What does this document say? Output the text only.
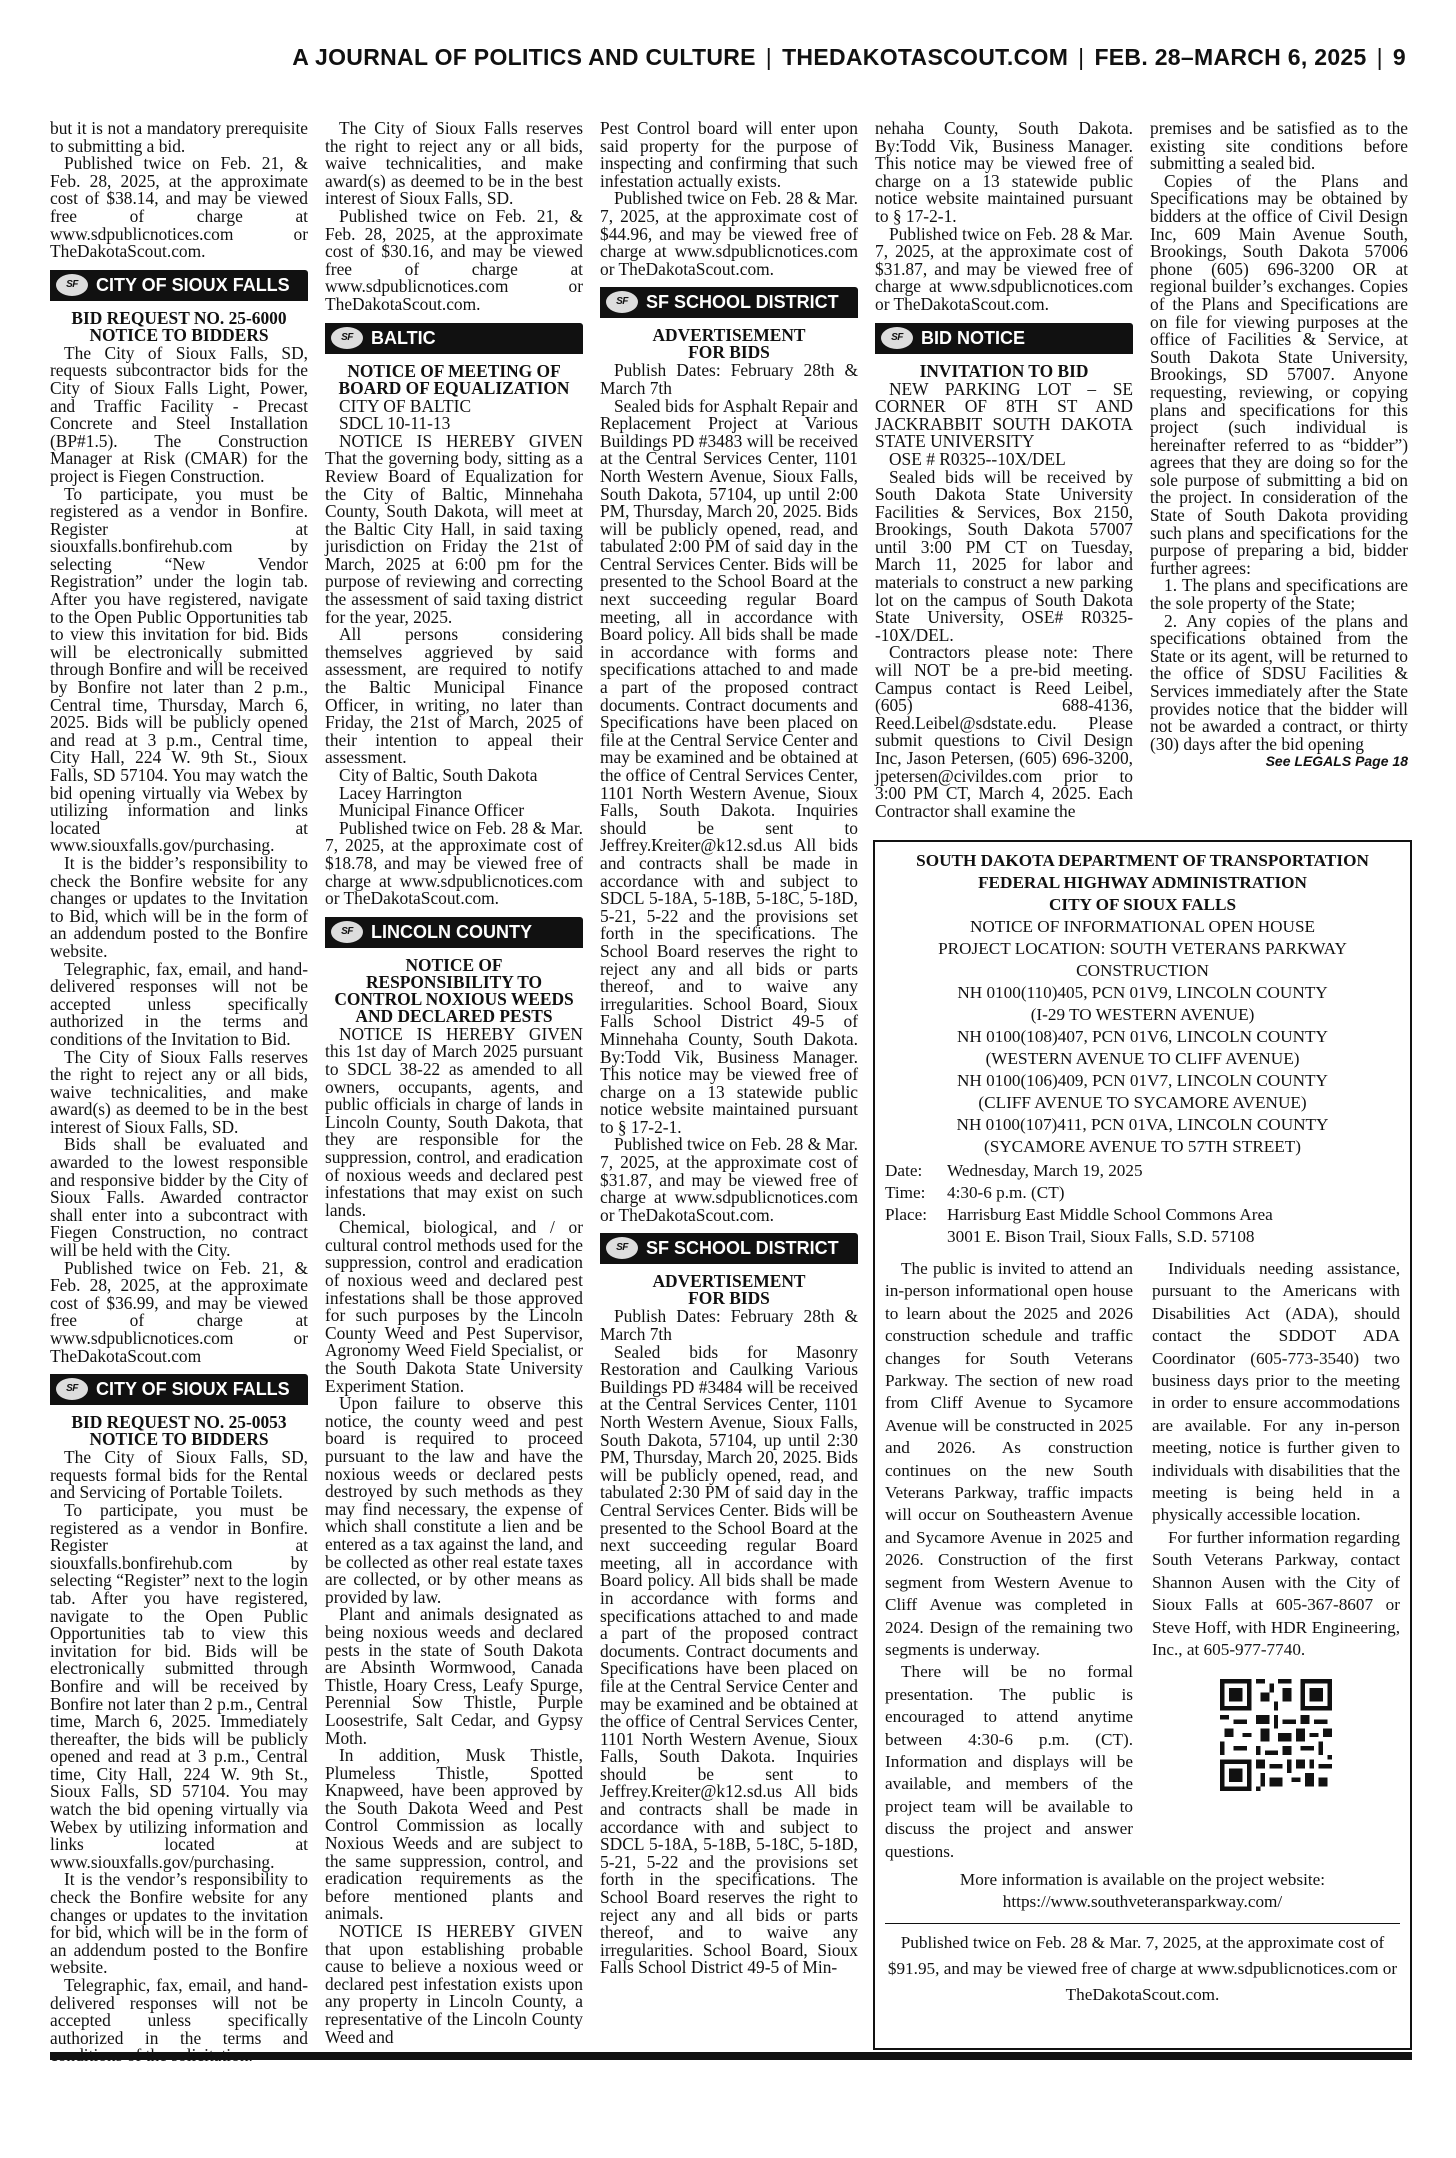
A JOURNAL OF POLITICS AND CULTURE | THEDAKOTASCOUT.COM | FEB. 28–MARCH 6, 2025 | 9

but it is not a mandatory prerequisite to submitting a bid.

Published twice on Feb. 21, & Feb. 28, 2025, at the approximate cost of $38.14, and may be viewed free of charge at www.sdpublicnotices.com or TheDakotaScout.com.

SF	CITY OF SIOUX FALLS

BID REQUEST NO. 25-6000
NOTICE TO BIDDERS

The City of Sioux Falls, SD, requests subcontractor bids for the City of Sioux Falls Light, Power, and Traffic Facility - Precast Concrete and Steel Installation (BP#1.5). The Construction Manager at Risk (CMAR) for the project is Fiegen Construction.

To participate, you must be registered as a vendor in Bonfire. Register at siouxfalls.bonfirehub.com by selecting “New Vendor Registration” under the login tab. After you have registered, navigate to the Open Public Opportunities tab to view this invitation for bid. Bids will be electronically submitted through Bonfire and will be received by Bonfire not later than 2 p.m., Central time, Thursday, March 6, 2025. Bids will be publicly opened and read at 3 p.m., Central time, City Hall, 224 W. 9th St., Sioux Falls, SD 57104. You may watch the bid opening virtually via Webex by utilizing information and links located at www.siouxfalls.gov/purchasing.

It is the bidder’s responsibility to check the Bonfire website for any changes or updates to the Invitation to Bid, which will be in the form of an addendum posted to the Bonfire website.

Telegraphic, fax, email, and hand-delivered responses will not be accepted unless specifically authorized in the terms and conditions of the Invitation to Bid.

The City of Sioux Falls reserves the right to reject any or all bids, waive technicalities, and make award(s) as deemed to be in the best interest of Sioux Falls, SD.

Bids shall be evaluated and awarded to the lowest responsible and responsive bidder by the City of Sioux Falls. Awarded contractor shall enter into a subcontract with Fiegen Construction, no contract will be held with the City.

Published twice on Feb. 21, & Feb. 28, 2025, at the approximate cost of $36.99, and may be viewed free of charge at www.sdpublicnotices.com or TheDakotaScout.com

SF	CITY OF SIOUX FALLS

BID REQUEST NO. 25-0053
NOTICE TO BIDDERS

The City of Sioux Falls, SD, requests formal bids for the Rental and Servicing of Portable Toilets.

To participate, you must be registered as a vendor in Bonfire. Register at siouxfalls.bonfirehub.com by selecting “Register” next to the login tab. After you have registered, navigate to the Open Public Opportunities tab to view this invitation for bid. Bids will be electronically submitted through Bonfire and will be received by Bonfire not later than 2 p.m., Central time, March 6, 2025. Immediately thereafter, the bids will be publicly opened and read at 3 p.m., Central time, City Hall, 224 W. 9th St., Sioux Falls, SD 57104. You may watch the bid opening virtually via Webex by utilizing information and links located at www.siouxfalls.gov/purchasing.

It is the vendor’s responsibility to check the Bonfire website for any changes or updates to the invitation for bid, which will be in the form of an addendum posted to the Bonfire website.

Telegraphic, fax, email, and hand-delivered responses will not be accepted unless specifically authorized in the terms and

The City of Sioux Falls reserves the right to reject any or all bids, waive technicalities, and make award(s) as deemed to be in the best interest of Sioux Falls, SD.

Published twice on Feb. 21, & Feb. 28, 2025, at the approximate cost of $30.16, and may be viewed free of charge at www.sdpublicnotices.com or TheDakotaScout.com.

SF	BALTIC

NOTICE OF MEETING OF
BOARD OF EQUALIZATION

CITY OF BALTIC

SDCL 10-11-13

NOTICE IS HEREBY GIVEN That the governing body, sitting as a Review Board of Equalization for the City of Baltic, Minnehaha County, South Dakota, will meet at the Baltic City Hall, in said taxing jurisdiction on Friday the 21st of March, 2025 at 6:00 pm for the purpose of reviewing and correcting the assessment of said taxing district for the year, 2025.

All persons considering themselves aggrieved by said assessment, are required to notify the Baltic Municipal Finance Officer, in writing, no later than Friday, the 21st of March, 2025 of their intention to appeal their assessment.

City of Baltic, South Dakota

Lacey Harrington

Municipal Finance Officer

Published twice on Feb. 28 & Mar. 7, 2025, at the approximate cost of $18.78, and may be viewed free of charge at www.sdpublicnotices.com or TheDakotaScout.com.

SF	LINCOLN COUNTY

NOTICE OF
RESPONSIBILITY TO
CONTROL NOXIOUS WEEDS
AND DECLARED PESTS

NOTICE IS HEREBY GIVEN this 1st day of March 2025 pursuant to SDCL 38-22 as amended to all owners, occupants, agents, and public officials in charge of lands in Lincoln County, South Dakota, that they are responsible for the suppression, control, and eradication of noxious weeds and declared pest infestations that may exist on such lands.

Chemical, biological, and / or cultural control methods used for the suppression, control and eradication of noxious weed and declared pest infestations shall be those approved for such purposes by the Lincoln County Weed and Pest Supervisor, Agronomy Weed Field Specialist, or the South Dakota State University Experiment Station.

Upon failure to observe this notice, the county weed and pest board is required to proceed pursuant to the law and have the noxious weeds or declared pests destroyed by such methods as they may find necessary, the expense of which shall constitute a lien and be entered as a tax against the land, and be collected as other real estate taxes are collected, or by other means as provided by law.

Plant and animals designated as being noxious weeds and declared pests in the state of South Dakota are Absinth Wormwood, Canada Thistle, Hoary Cress, Leafy Spurge, Perennial Sow Thistle, Purple Loosestrife, Salt Cedar, and Gypsy Moth.

In addition, Musk Thistle, Plumeless Thistle, Spotted Knapweed, have been approved by the South Dakota Weed and Pest Control Commission as locally Noxious Weeds and are subject to the same suppression, control, and eradication requirements as the before mentioned plants and animals.

NOTICE IS HEREBY GIVEN that upon establishing probable cause to believe a noxious weed or declared pest infestation exists upon any property in Lincoln County, a representative of the Lincoln County Weed and

Pest Control board will enter upon said property for the purpose of inspecting and confirming that such infestation actually exists.

Published twice on Feb. 28 & Mar. 7, 2025, at the approximate cost of $44.96, and may be viewed free of charge at www.sdpublicnotices.com or TheDakotaScout.com.

SF	SF SCHOOL DISTRICT

ADVERTISEMENT
FOR BIDS

Publish Dates: February 28th & March 7th

Sealed bids for Asphalt Repair and Replacement Project at Various Buildings PD #3483 will be received at the Central Services Center, 1101 North Western Avenue, Sioux Falls, South Dakota, 57104, up until 2:00 PM, Thursday, March 20, 2025. Bids will be publicly opened, read, and tabulated 2:00 PM of said day in the Central Services Center. Bids will be presented to the School Board at the next succeeding regular Board meeting, all in accordance with Board policy. All bids shall be made in accordance with forms and specifications attached to and made a part of the proposed contract documents. Contract documents and Specifications have been placed on file at the Central Service Center and may be examined and be obtained at the office of Central Services Center, 1101 North Western Avenue, Sioux Falls, South Dakota. Inquiries should be sent to Jeffrey.Kreiter@k12.sd.us All bids and contracts shall be made in accordance with and subject to SDCL 5-18A, 5-18B, 5-18C, 5-18D, 5-21, 5-22 and the provisions set forth in the specifications. The School Board reserves the right to reject any and all bids or parts thereof, and to waive any irregularities. School Board, Sioux Falls School District 49-5 of Minnehaha County, South Dakota. By:Todd Vik, Business Manager. This notice may be viewed free of charge on a 13 statewide public notice website maintained pursuant to § 17-2-1.

Published twice on Feb. 28 & Mar. 7, 2025, at the approximate cost of $31.87, and may be viewed free of charge at www.sdpublicnotices.com or TheDakotaScout.com.

SF	SF SCHOOL DISTRICT

ADVERTISEMENT
FOR BIDS

Publish Dates: February 28th & March 7th

Sealed bids for Masonry Restoration and Caulking Various Buildings PD #3484 will be received at the Central Services Center, 1101 North Western Avenue, Sioux Falls, South Dakota, 57104, up until 2:30 PM, Thursday, March 20, 2025. Bids will be publicly opened, read, and tabulated 2:30 PM of said day in the Central Services Center. Bids will be presented to the School Board at the next succeeding regular Board meeting, all in accordance with Board policy. All bids shall be made in accordance with forms and specifications attached to and made a part of the proposed contract documents. Contract documents and Specifications have been placed on file at the Central Service Center and may be examined and be obtained at the office of Central Services Center, 1101 North Western Avenue, Sioux Falls, South Dakota. Inquiries should be sent to Jeffrey.Kreiter@k12.sd.us All bids and contracts shall be made in accordance with and subject to SDCL 5-18A, 5-18B, 5-18C, 5-18D, 5-21, 5-22 and the provisions set forth in the specifications. The School Board reserves the right to reject any and all bids or parts thereof, and to waive any irregularities. School Board, Sioux Falls School District 49-5 of Min-

nehaha County, South Dakota. By:Todd Vik, Business Manager. This notice may be viewed free of charge on a 13 statewide public notice website maintained pursuant to § 17-2-1.

Published twice on Feb. 28 & Mar. 7, 2025, at the approximate cost of $31.87, and may be viewed free of charge at www.sdpublicnotices.com or TheDakotaScout.com.

SF	BID NOTICE

INVITATION TO BID

NEW PARKING LOT – SE CORNER OF 8TH ST AND JACKRABBIT SOUTH DAKOTA STATE UNIVERSITY

OSE # R0325--10X/DEL

Sealed bids will be received by South Dakota State University Facilities & Services, Box 2150, Brookings, South Dakota 57007 until 3:00 PM CT on Tuesday, March 11, 2025 for labor and materials to construct a new parking lot on the campus of South Dakota State University, OSE# R0325--10X/DEL.

Contractors please note: There will NOT be a pre-bid meeting. Campus contact is Reed Leibel, (605) 688-4136, Reed.Leibel@sdstate.edu. Please submit questions to Civil Design Inc, Jason Petersen, (605) 696-3200, jpetersen@civildes.com prior to 3:00 PM CT, March 4, 2025. Each Contractor shall examine the

premises and be satisfied as to the existing site conditions before submitting a sealed bid.

Copies of the Plans and Specifications may be obtained by bidders at the office of Civil Design Inc, 609 Main Avenue South, Brookings, South Dakota 57006 phone (605) 696-3200 OR at regional builder’s exchanges. Copies of the Plans and Specifications are on file for viewing purposes at the office of Facilities & Service, at South Dakota State University, Brookings, SD 57007. Anyone requesting, reviewing, or copying plans and specifications for this project (such individual is hereinafter referred to as “bidder”) agrees that they are doing so for the sole purpose of submitting a bid on the project. In consideration of the State of South Dakota providing such plans and specifications for the purpose of preparing a bid, bidder further agrees:

1. The plans and specifications are the sole property of the State;

2. Any copies of the plans and specifications obtained from the State or its agent, will be returned to the office of SDSU Facilities & Services immediately after the State provides notice that the bidder will not be awarded a contract, or thirty (30) days after the bid opening

See LEGALS Page 18

SOUTH DAKOTA DEPARTMENT OF TRANSPORTATION
FEDERAL HIGHWAY ADMINISTRATION
CITY OF SIOUX FALLS
NOTICE OF INFORMATIONAL OPEN HOUSE
PROJECT LOCATION: SOUTH VETERANS PARKWAY
CONSTRUCTION
NH 0100(110)405, PCN 01V9, LINCOLN COUNTY
(I-29 TO WESTERN AVENUE)
NH 0100(108)407, PCN 01V6, LINCOLN COUNTY
(WESTERN AVENUE TO CLIFF AVENUE)
NH 0100(106)409, PCN 01V7, LINCOLN COUNTY
(CLIFF AVENUE TO SYCAMORE AVENUE)
NH 0100(107)411, PCN 01VA, LINCOLN COUNTY
(SYCAMORE AVENUE TO 57TH STREET)
Date:	Wednesday, March 19, 2025
Time:	4:30-6 p.m. (CT)
Place:	Harrisburg East Middle School Commons Area
	3001 E. Bison Trail, Sioux Falls, S.D. 57108

The public is invited to attend an in-person informational open house to learn about the 2025 and 2026 construction schedule and traffic changes for South Veterans Parkway. The section of new road from Cliff Avenue to Sycamore Avenue will be constructed in 2025 and 2026. As construction continues on the new South Veterans Parkway, traffic impacts will occur on Southeastern Avenue and Sycamore Avenue in 2025 and 2026. Construction of the first segment from Western Avenue to Cliff Avenue was completed in 2024. Design of the remaining two segments is underway.

There will be no formal presentation. The public is encouraged to attend anytime between 4:30-6 p.m. (CT). Information and displays will be available, and members of the project team will be available to discuss the project and answer questions.

Individuals needing assistance, pursuant to the Americans with Disabilities Act (ADA), should contact the SDDOT ADA Coordinator (605-773-3540) two business days prior to the meeting in order to ensure accommodations are available. For any in-person meeting, notice is further given to individuals with disabilities that the meeting is being held in a physically accessible location.

For further information regarding South Veterans Parkway, contact Shannon Ausen with the City of Sioux Falls at 605-367-8607 or Steve Hoff, with HDR Engineering, Inc., at 605-977-7740.

More information is available on the project website:
https://www.southveteransparkway.com/
Published twice on Feb. 28 & Mar. 7, 2025, at the approximate cost of $91.95, and may be viewed free of charge at www.sdpublicnotices.com or TheDakotaScout.com.
